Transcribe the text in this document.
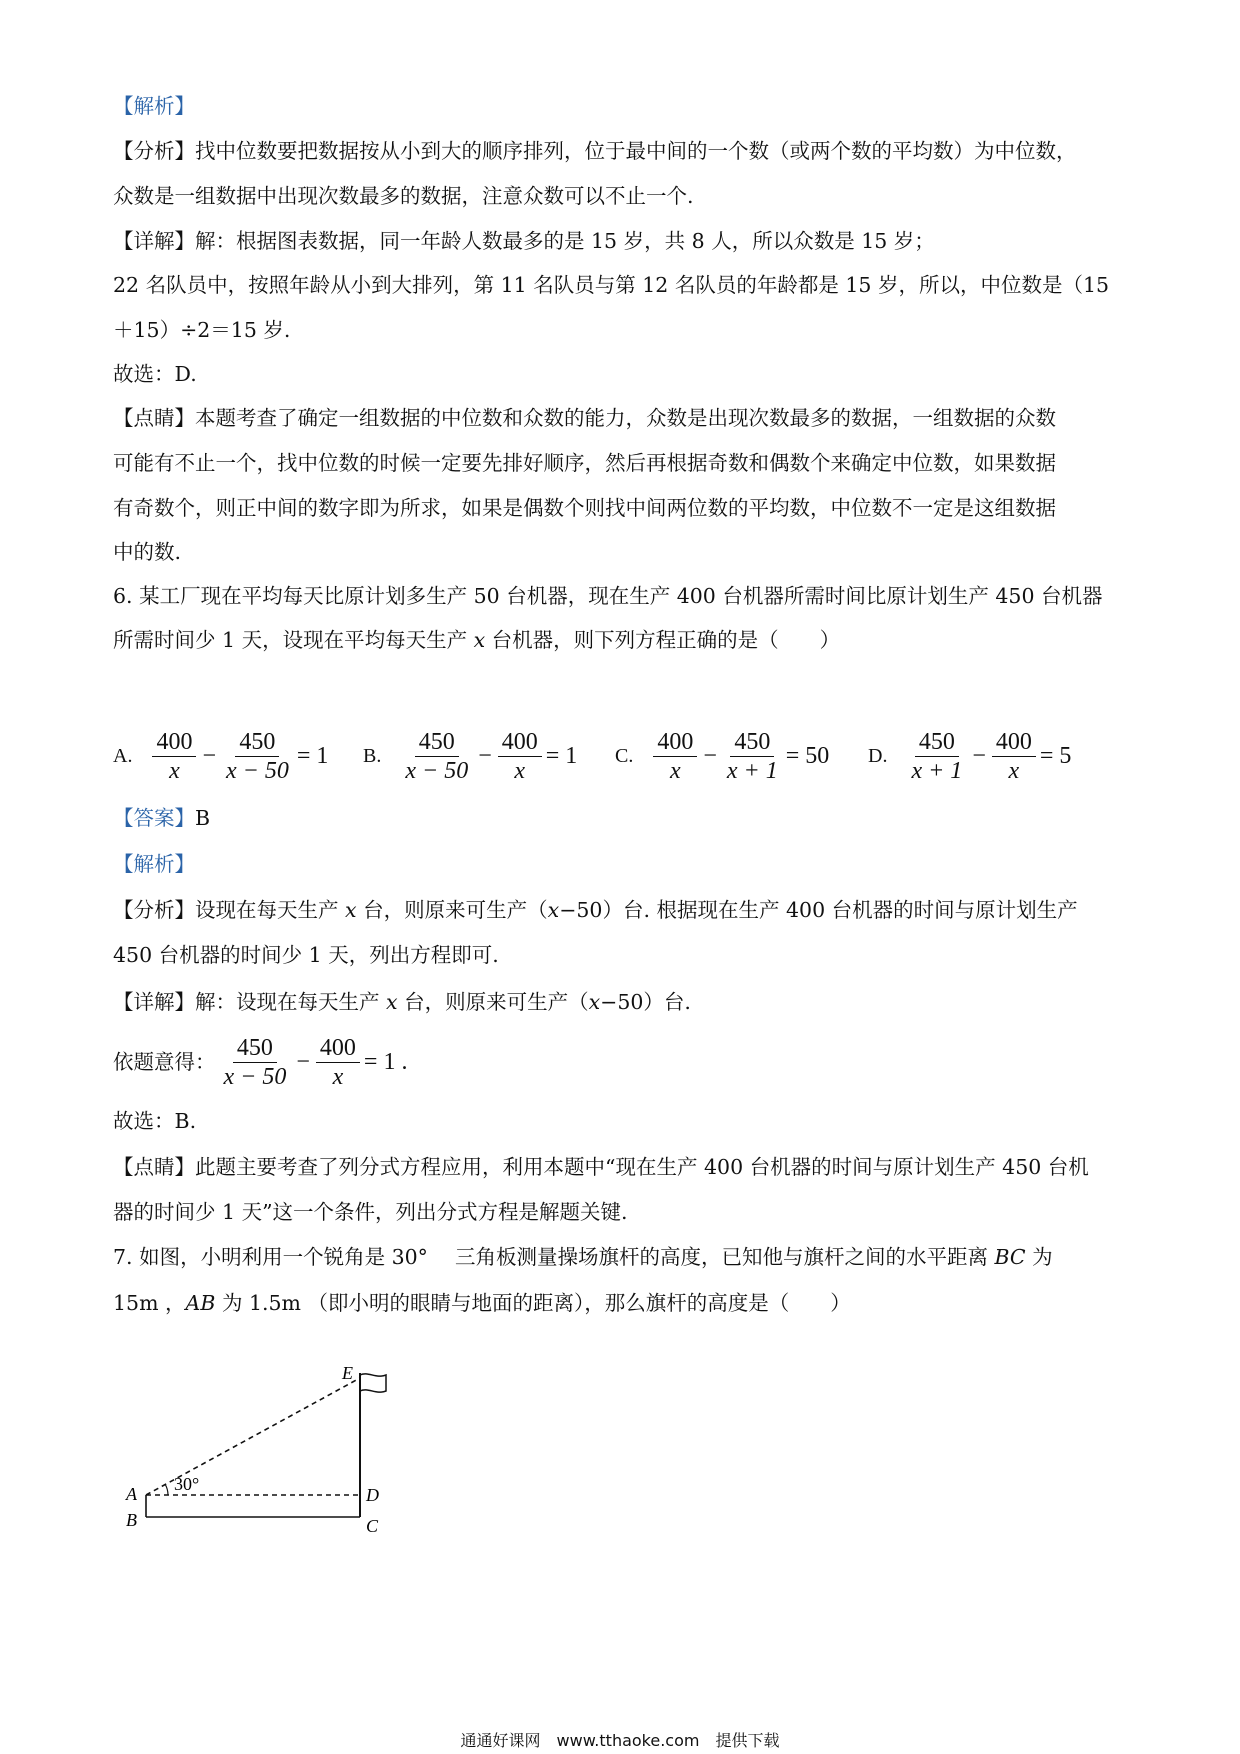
【解析】
【分析】找中位数要把数据按从小到大的顺序排列，位于最中间的一个数（或两个数的平均数）为中位数，
众数是一组数据中出现次数最多的数据，注意众数可以不止一个.
【详解】解：根据图表数据，同一年龄人数最多的是 15 岁，共 8 人，所以众数是 15 岁；
22 名队员中，按照年龄从小到大排列，第 11 名队员与第 12 名队员的年龄都是 15 岁，所以，中位数是（15
＋15）÷2＝15 岁.
故选：D.
【点睛】本题考查了确定一组数据的中位数和众数的能力，众数是出现次数最多的数据，一组数据的众数
可能有不止一个，找中位数的时候一定要先排好顺序，然后再根据奇数和偶数个来确定中位数，如果数据
有奇数个，则正中间的数字即为所求，如果是偶数个则找中间两位数的平均数，中位数不一定是这组数据
中的数.
6. 某工厂现在平均每天比原计划多生产 50 台机器，现在生产 400 台机器所需时间比原计划生产 450 台机器
所需时间少 1 天，设现在平均每天生产 x 台机器，则下列方程正确的是（　　）
A. $\frac{400}{x} - \frac{450}{x - 50} = 1$ B. $\frac{450}{x - 50} - \frac{400}{x} = 1$ C. $\frac{400}{x} - \frac{450}{x + 1} = 50$ D. $\frac{450}{x + 1} - \frac{400}{x} = 5$
【答案】B
【解析】
【分析】设现在每天生产 x 台，则原来可生产（x−50）台. 根据现在生产 400 台机器的时间与原计划生产
450 台机器的时间少 1 天，列出方程即可.
【详解】解：设现在每天生产 x 台，则原来可生产（x−50）台.
依题意得： $\frac{450}{x - 50} - \frac{400}{x} = 1$ .
故选：B.
【点睛】此题主要考查了列分式方程应用，利用本题中“现在生产 400 台机器的时间与原计划生产 450 台机
器的时间少 1 天”这一个条件，列出分式方程是解题关键.
7. 如图，小明利用一个锐角是 30°　 三角板测量操场旗杆的高度，已知他与旗杆之间的水平距离 BC 为
15m ，AB 为 1.5m （即小明的眼睛与地面的距离），那么旗杆的高度是（　　）
A
B	C
D
E
30°
通通好课网　www.tthaoke.com　提供下载
